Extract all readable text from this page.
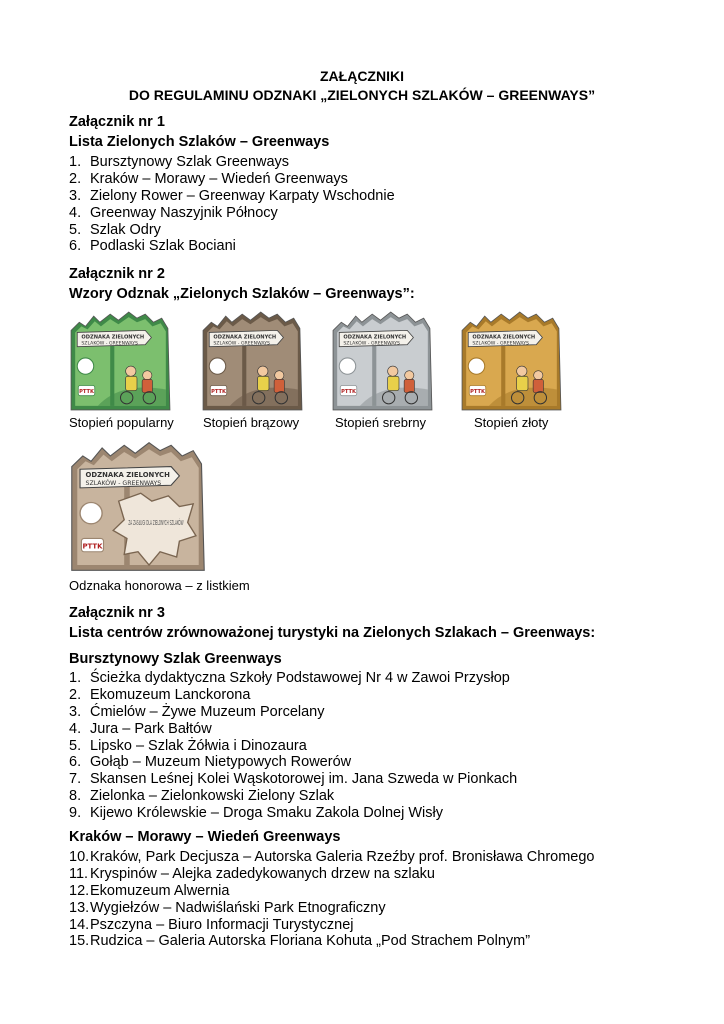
ZAŁĄCZNIKI
DO REGULAMINU ODZNAKI „ZIELONYCH SZLAKÓW – GREENWAYS”
Załącznik nr 1
Lista Zielonych Szlaków – Greenways
1. Bursztynowy Szlak Greenways
2. Kraków – Morawy – Wiedeń Greenways
3. Zielony Rower – Greenway Karpaty Wschodnie
4. Greenway Naszyjnik Północy
5. Szlak Odry
6. Podlaski Szlak Bociani
Załącznik nr 2
Wzory Odznak „Zielonych Szlaków – Greenways”:
ODZNAKA ZIELONYCH
SZLAKÓW - GREENWAYS
PTTK
ODZNAKA ZIELONYCH
SZLAKÓW - GREENWAYS
PTTK
ODZNAKA ZIELONYCH
SZLAKÓW - GREENWAYS
PTTK
ODZNAKA ZIELONYCH
SZLAKÓW - GREENWAYS
PTTK
ODZNAKA ZIELONYCH
SZLAKÓW - GREENWAYS
PTTK
ZA ZASŁUGI DLA ZIELONYCH SZLAKÓW
Stopień popularny Stopień brązowy	Stopień srebrny	Stopień złoty
Odznaka honorowa – z listkiem
Załącznik nr 3
Lista centrów zrównoważonej turystyki na Zielonych Szlakach – Greenways:
Bursztynowy Szlak Greenways
1. Ścieżka dydaktyczna Szkoły Podstawowej Nr 4 w Zawoi Przysłop
2. Ekomuzeum Lanckorona
3. Ćmielów – Żywe Muzeum Porcelany
4. Jura – Park Bałtów
5. Lipsko – Szlak Żółwia i Dinozaura
6. Gołąb – Muzeum Nietypowych Rowerów
7. Skansen Leśnej Kolei Wąskotorowej im. Jana Szweda w Pionkach
8. Zielonka – Zielonkowski Zielony Szlak
9. Kijewo Królewskie – Droga Smaku Zakola Dolnej Wisły
Kraków – Morawy – Wiedeń Greenways
10. Kraków, Park Decjusza – Autorska Galeria Rzeźby prof. Bronisława Chromego
11. Kryspinów – Alejka zadedykowanych drzew na szlaku
12. Ekomuzeum Alwernia
13. Wygiełzów – Nadwiślański Park Etnograficzny
14. Pszczyna – Biuro Informacji Turystycznej
15. Rudzica – Galeria Autorska Floriana Kohuta „Pod Strachem Polnym”
